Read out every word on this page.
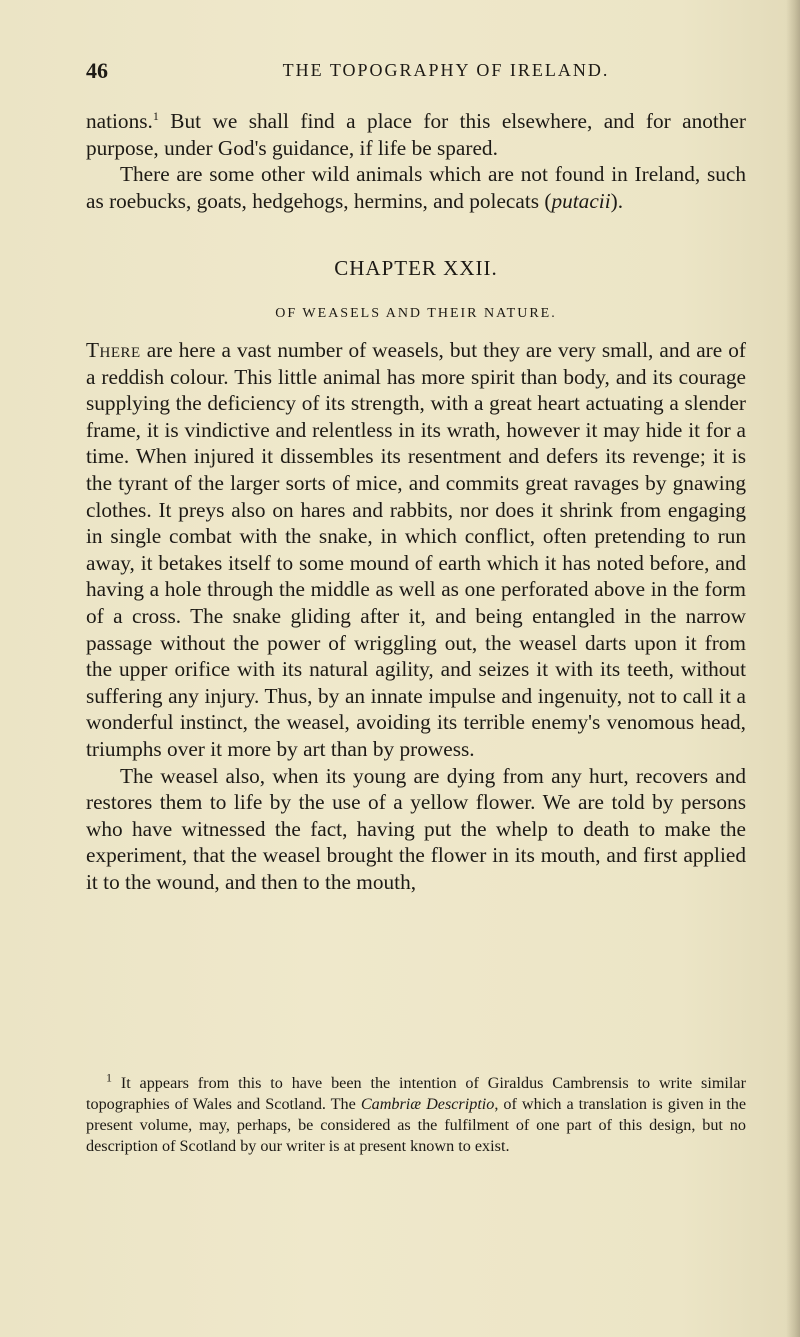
46	THE TOPOGRAPHY OF IRELAND.

nations.$^1$ But we shall find a place for this elsewhere, and for another purpose, under God's guidance, if life be spared.

There are some other wild animals which are not found in Ireland, such as roebucks, goats, hedgehogs, hermins, and polecats (putacii).

CHAPTER XXII.
OF WEASELS AND THEIR NATURE.

There are here a vast number of weasels, but they are very small, and are of a reddish colour. This little animal has more spirit than body, and its courage supplying the deficiency of its strength, with a great heart actuating a slender frame, it is vindictive and relentless in its wrath, however it may hide it for a time. When injured it dissembles its resentment and defers its revenge; it is the tyrant of the larger sorts of mice, and commits great ravages by gnawing clothes. It preys also on hares and rabbits, nor does it shrink from engaging in single combat with the snake, in which conflict, often pretending to run away, it betakes itself to some mound of earth which it has noted before, and having a hole through the middle as well as one perforated above in the form of a cross. The snake gliding after it, and being entangled in the narrow passage without the power of wriggling out, the weasel darts upon it from the upper orifice with its natural agility, and seizes it with its teeth, without suffering any injury. Thus, by an innate impulse and ingenuity, not to call it a wonderful instinct, the weasel, avoiding its terrible enemy's venomous head, triumphs over it more by art than by prowess.

The weasel also, when its young are dying from any hurt, recovers and restores them to life by the use of a yellow flower. We are told by persons who have witnessed the fact, having put the whelp to death to make the experiment, that the weasel brought the flower in its mouth, and first applied it to the wound, and then to the mouth,

$^1$ It appears from this to have been the intention of Giraldus Cambrensis to write similar topographies of Wales and Scotland. The Cambriæ Descriptio, of which a translation is given in the present volume, may, perhaps, be considered as the fulfilment of one part of this design, but no description of Scotland by our writer is at present known to exist.
